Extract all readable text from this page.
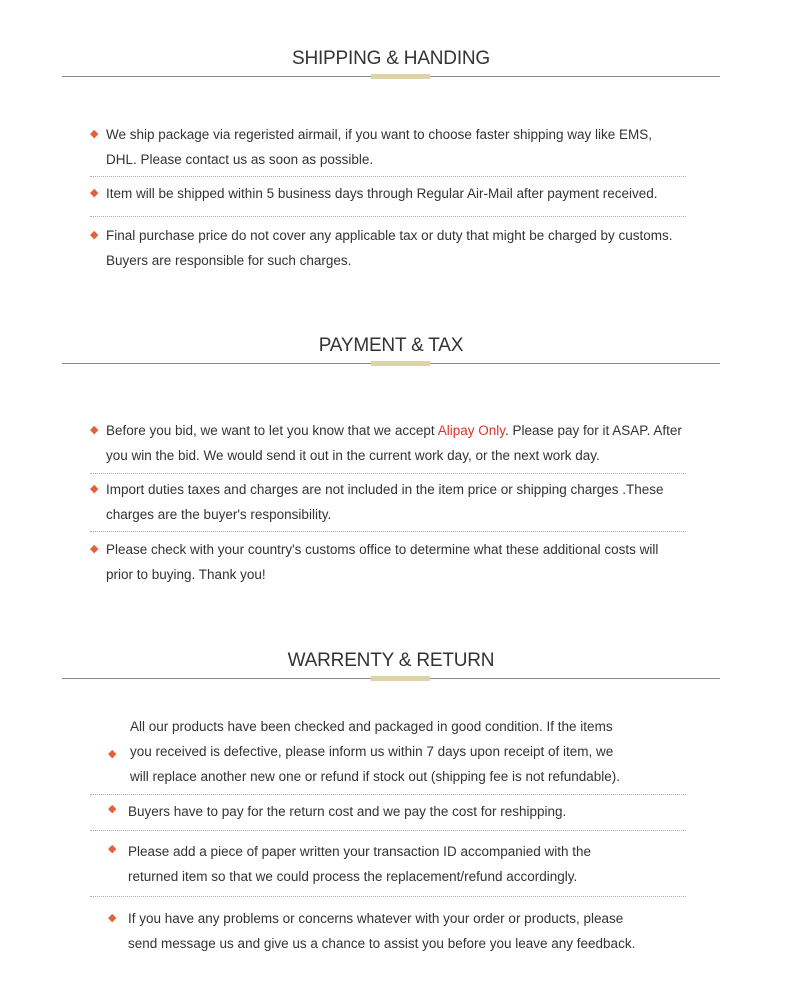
SHIPPING & HANDING
◆ We ship package via regeristed airmail, if you want to choose faster shipping way like EMS, DHL. Please contact us as soon as possible.
◆ Item will be shipped within 5 business days through Regular Air-Mail after payment received.
◆ Final purchase price do not cover any applicable tax or duty that might be charged by customs. Buyers are responsible for such charges.
PAYMENT & TAX
◆ Before you bid, we want to let you know that we accept Alipay Only. Please pay for it ASAP. After you win the bid. We would send it out in the current work day, or the next work day.
◆ Import duties taxes and charges are not included in the item price or shipping charges .These charges are the buyer's responsibility.
◆ Please check with your country's customs office to determine what these additional costs will prior to buying. Thank you!
WARRENTY & RETURN
◆
All our products have been checked and packaged in good condition. If the items you received is defective, please inform us within 7 days upon receipt of item, we will replace another new one or refund if stock out (shipping fee is not refundable).
◆ Buyers have to pay for the return cost and we pay the cost for reshipping.
◆ Please add a piece of paper written your transaction ID accompanied with the returned item so that we could process the replacement/refund accordingly.
◆ If you have any problems or concerns whatever with your order or products, please send message us and give us a chance to assist you before you leave any feedback.
